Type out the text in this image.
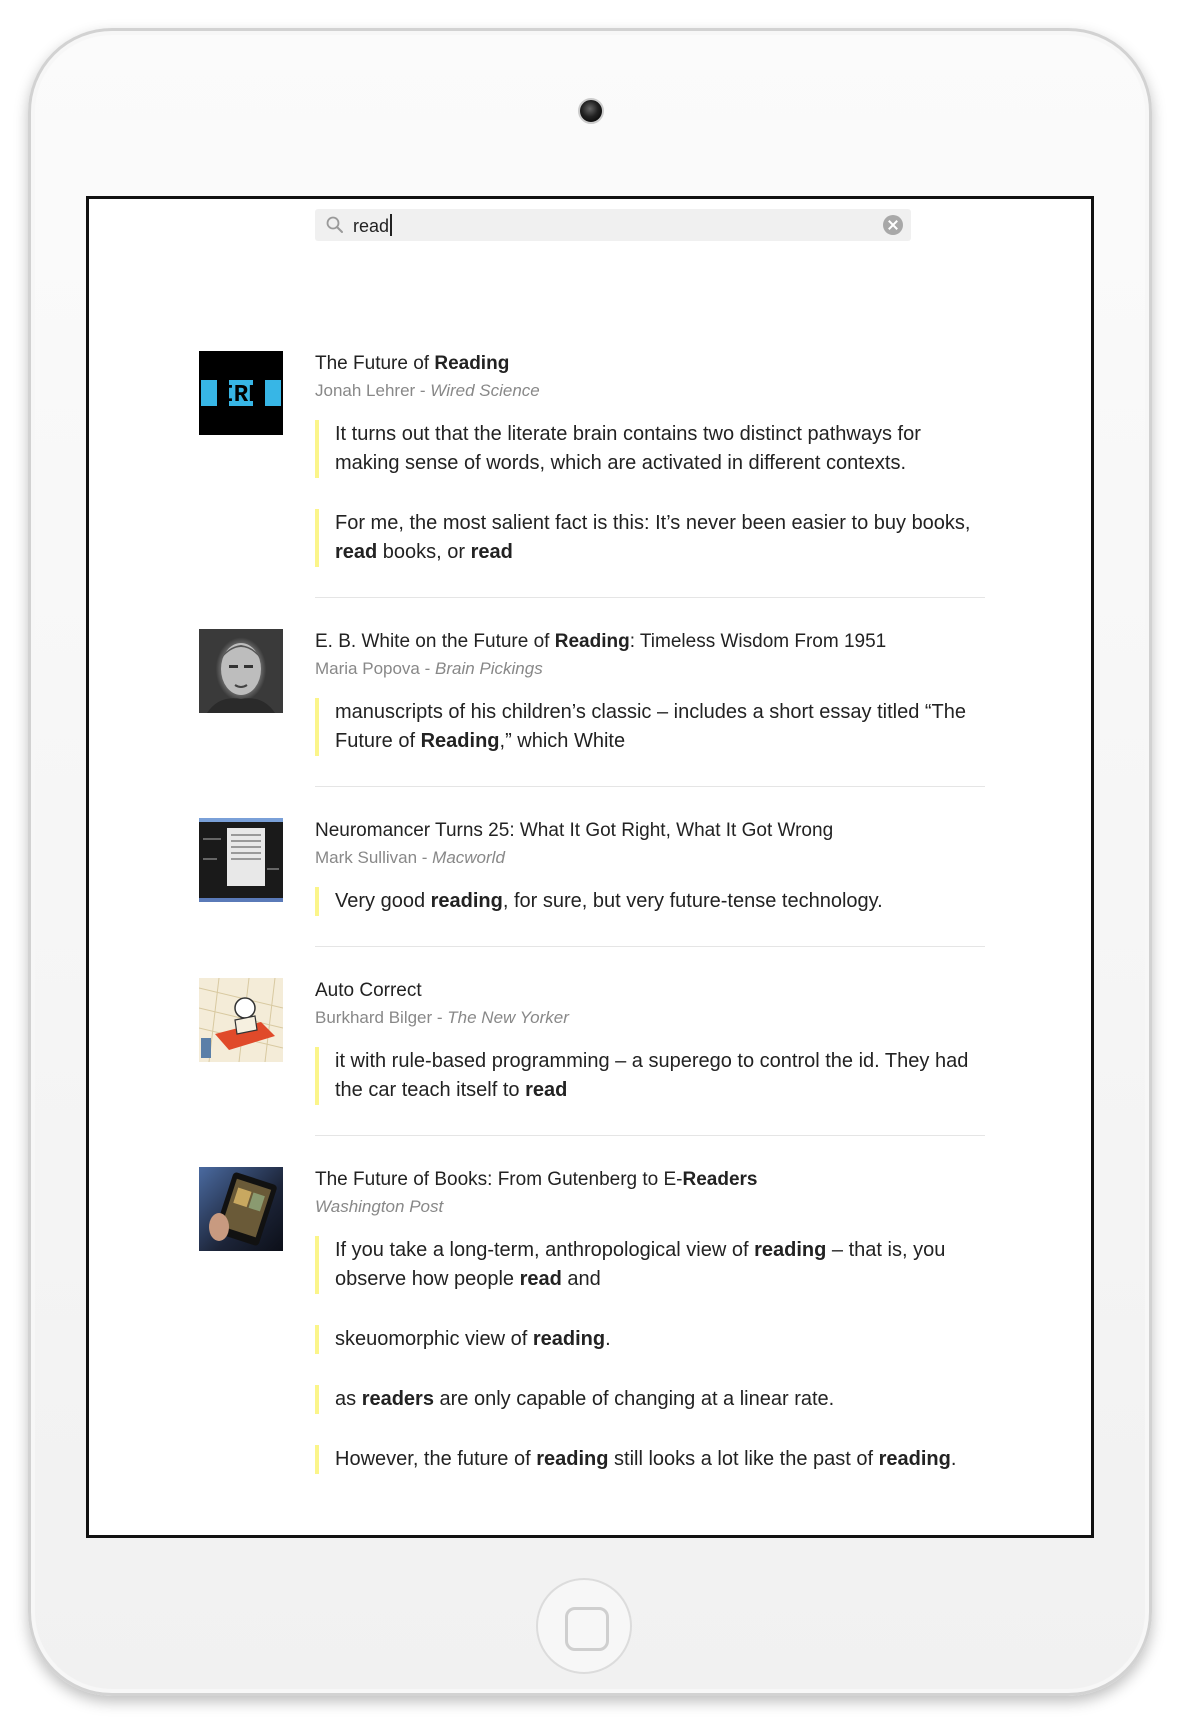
read
IRE
The Future of Reading
Jonah Lehrer - Wired Science
It turns out that the literate brain contains two distinct pathways for making sense of words, which are activated in different contexts.
For me, the most salient fact is this: It’s never been easier to buy books, read books, or read
E. B. White on the Future of Reading: Timeless Wisdom From 1951
Maria Popova - Brain Pickings
manuscripts of his children’s classic – includes a short essay titled “The Future of Reading,” which White
Neuromancer Turns 25: What It Got Right, What It Got Wrong
Mark Sullivan - Macworld
Very good reading, for sure, but very future-tense technology.
Auto Correct
Burkhard Bilger - The New Yorker
it with rule-based programming – a superego to control the id. They had the car teach itself to read
The Future of Books: From Gutenberg to E-Readers
Washington Post
If you take a long-term, anthropological view of reading – that is, you observe how people read and
skeuomorphic view of reading.
as readers are only capable of changing at a linear rate.
However, the future of reading still looks a lot like the past of reading.
